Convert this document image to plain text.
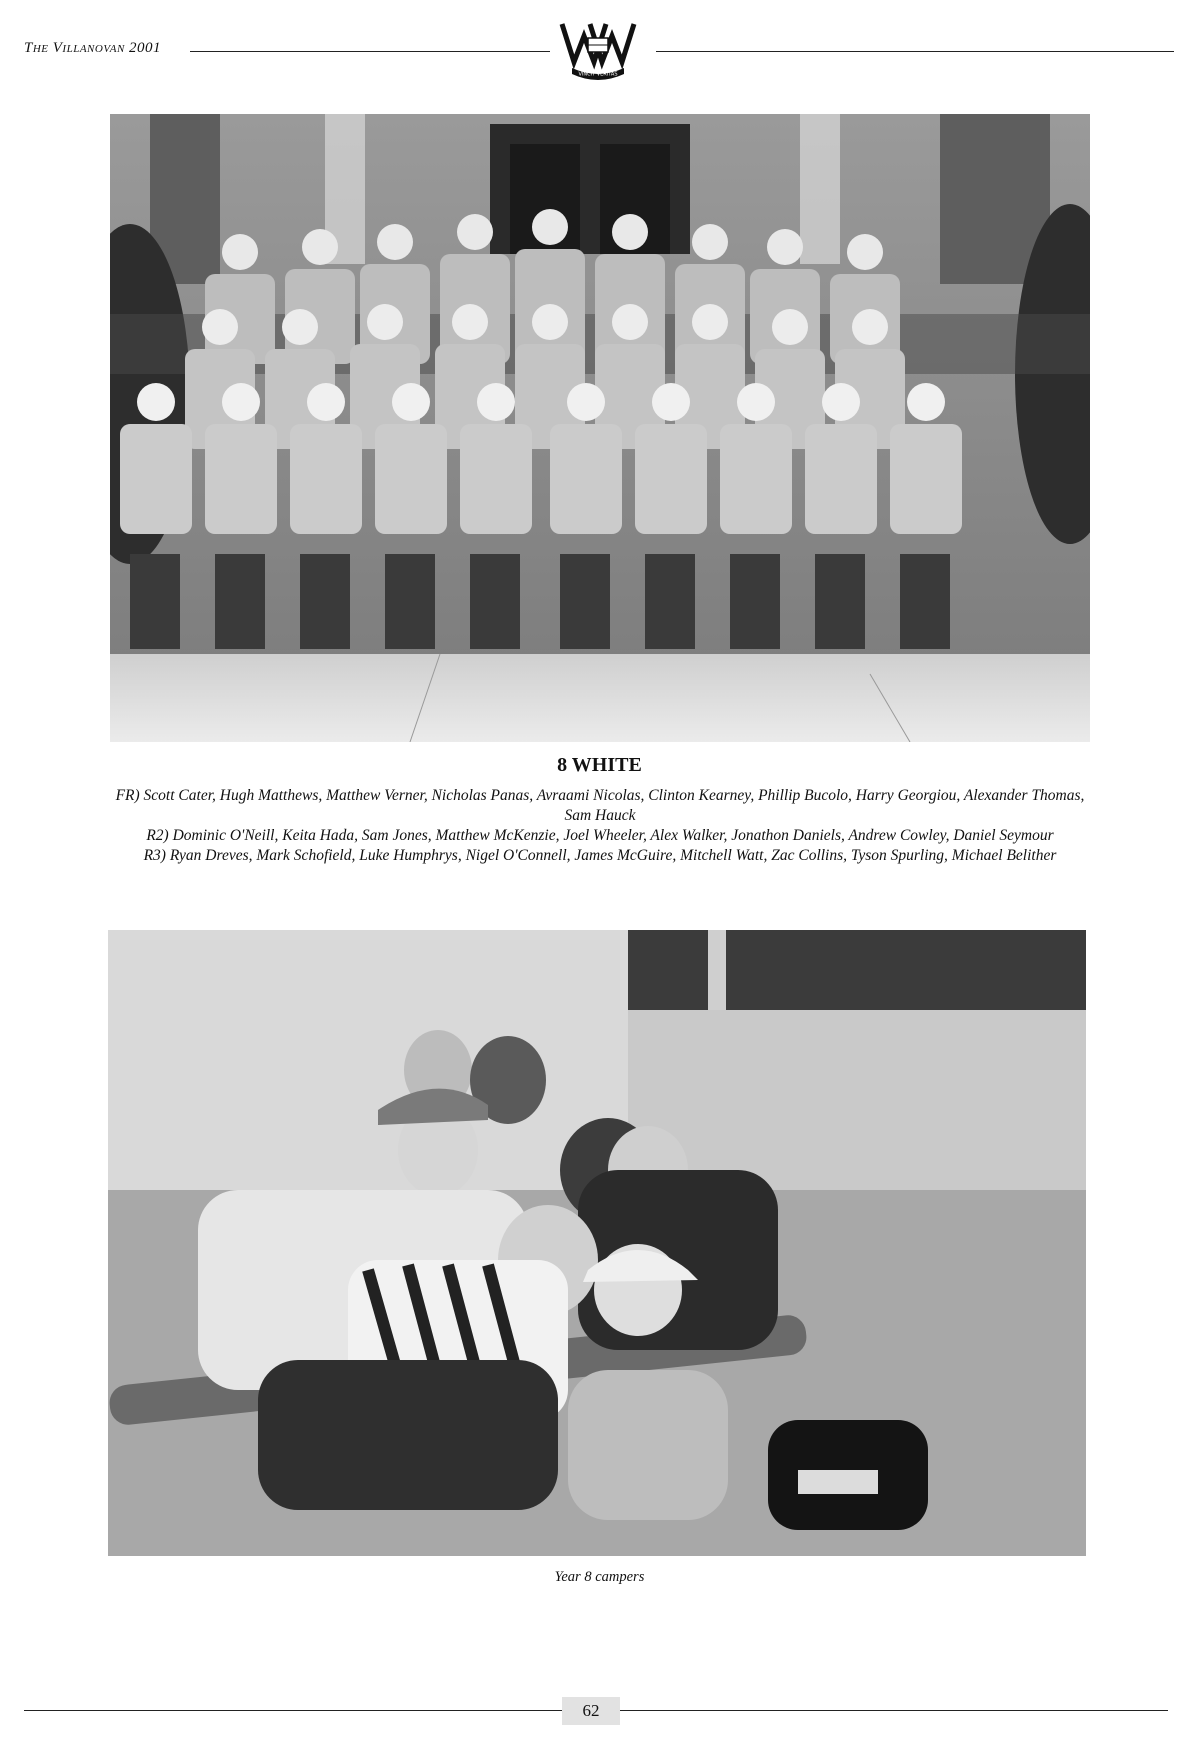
The Villanovan 2001
VINCIT VERITAS
8 WHITE
FR) Scott Cater, Hugh Matthews, Matthew Verner, Nicholas Panas, Avraami Nicolas, Clinton Kearney, Phillip Bucolo, Harry Georgiou, Alexander Thomas,
Sam Hauck
R2) Dominic O'Neill, Keita Hada, Sam Jones, Matthew McKenzie, Joel Wheeler, Alex Walker, Jonathon Daniels, Andrew Cowley, Daniel Seymour
R3) Ryan Dreves, Mark Schofield, Luke Humphrys, Nigel O'Connell, James McGuire, Mitchell Watt, Zac Collins, Tyson Spurling, Michael Belither
Year 8 campers
62
